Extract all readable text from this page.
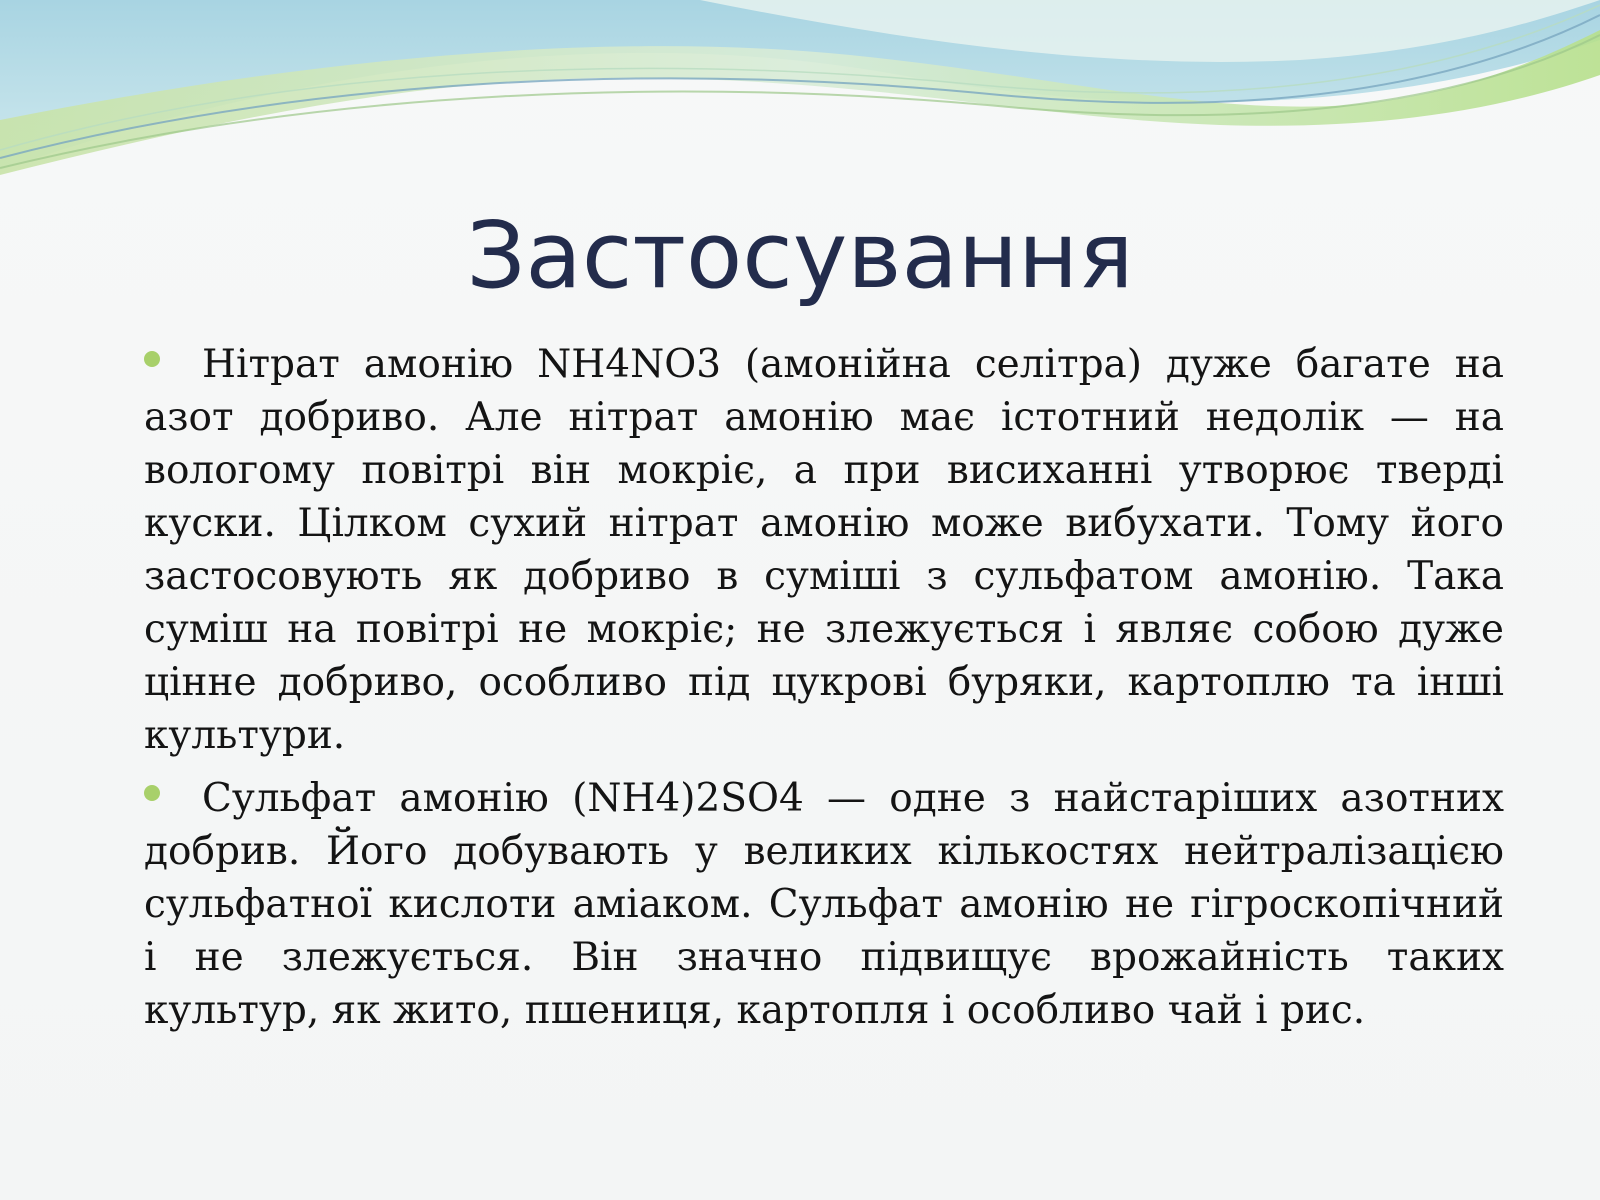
Застосування
Нітрат амонію NH4NO3 (амонійна селітра) дуже багате на азот добриво. Але нітрат амонію має істотний недолік — на вологому повітрі він мокріє, а при висиханні утворює тверді куски. Цілком сухий нітрат амонію може вибухати. Тому його застосовують як добриво в суміші з сульфатом амонію. Така суміш на повітрі не мокріє; не злежується і являє собою дуже цінне добриво, особливо під цукрові буряки, картоплю та інші культури.
Сульфат амонію (NH4)2SO4 — одне з найстаріших азотних добрив. Його добувають у великих кількостях нейтралізацією сульфатної кислоти аміаком. Сульфат амонію не гігроскопічний і не злежується. Він значно підвищує врожайність таких культур, як жито, пшениця, картопля і особливо чай і рис.
